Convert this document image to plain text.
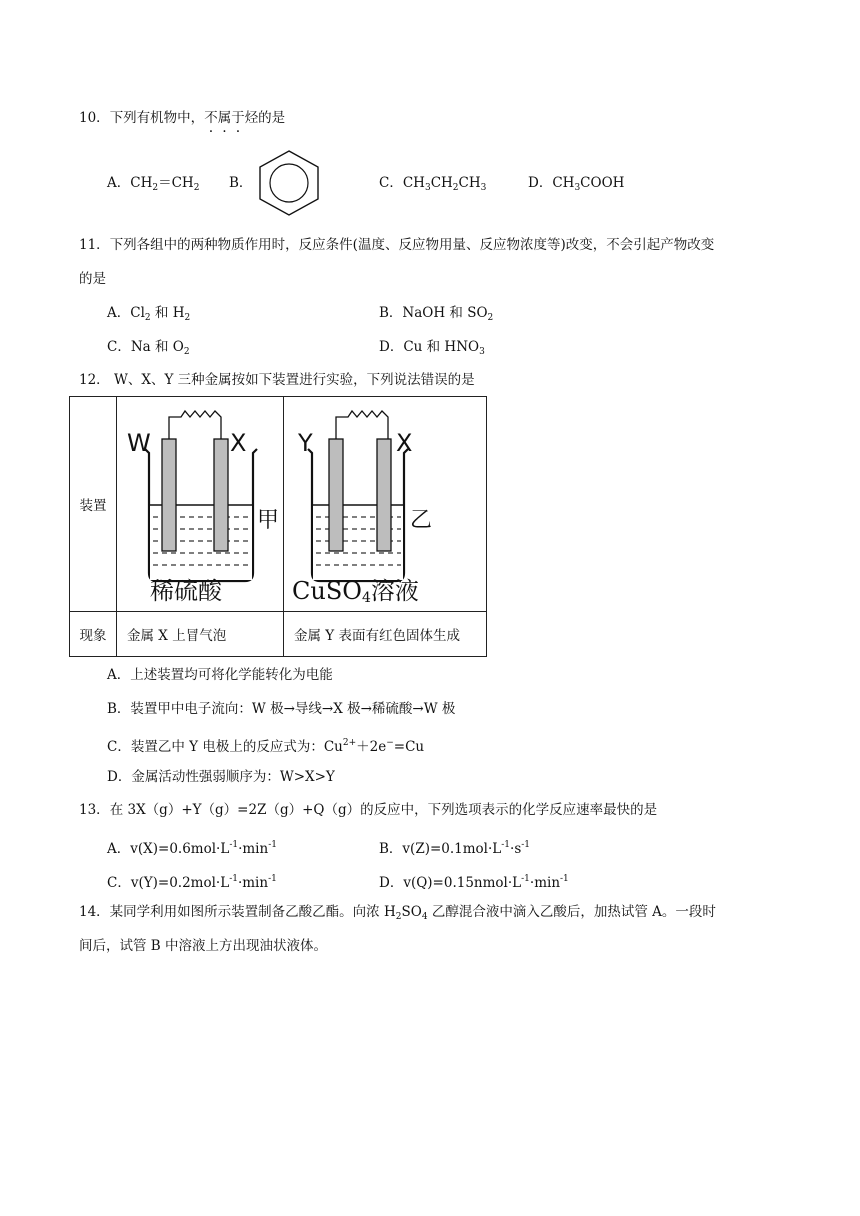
10．下列有机物中，不属于烃的是
A．$CH_2=CH_2$ B．	C．$CH_3CH_2CH_3$	D．$CH_3COOH$
11．下列各组中的两种物质作用时，反应条件(温度、反应物用量、反应物浓度等)改变，不会引起产物改变
的是
A．$Cl_2$ 和 $H_2$	B．NaOH 和 $SO_2$
C．Na 和 $O_2$	D．Cu 和 $HNO_3$
12． W、X、Y 三种金属按如下装置进行实验，下列说法错误的是
装置	W X
甲
稀硫酸	Y X
乙
CuSO$_4$溶液

现象	金属 X 上冒气泡	金属 Y 表面有红色固体生成
A．上述装置均可将化学能转化为电能
B．装置甲中电子流向：W 极→导线→X 极→稀硫酸→W 极
C．装置乙中 Y 电极上的反应式为：$Cu^{2+}+2e^-=Cu$
D．金属活动性强弱顺序为：W>X>Y
13．在 3X（g）+Y（g）=2Z（g）+Q（g）的反应中，下列选项表示的化学反应速率最快的是
A．$v(X)=0.6mol\cdot L^{-1}\cdot\min^{-1}$	B．$v(Z)=0.1mol\cdot L^{-1}\cdot s^{-1}$
C．$v(Y)=0.2mol\cdot L^{-1}\cdot\min^{-1}$	D．$v(Q)=0.15nmol\cdot L^{-1}\cdot\min^{-1}$
14．某同学利用如图所示装置制备乙酸乙酯。向浓 $H_2SO_4$ 乙醇混合液中滴入乙酸后，加热试管 A。一段时
间后，试管 B 中溶液上方出现油状液体。
